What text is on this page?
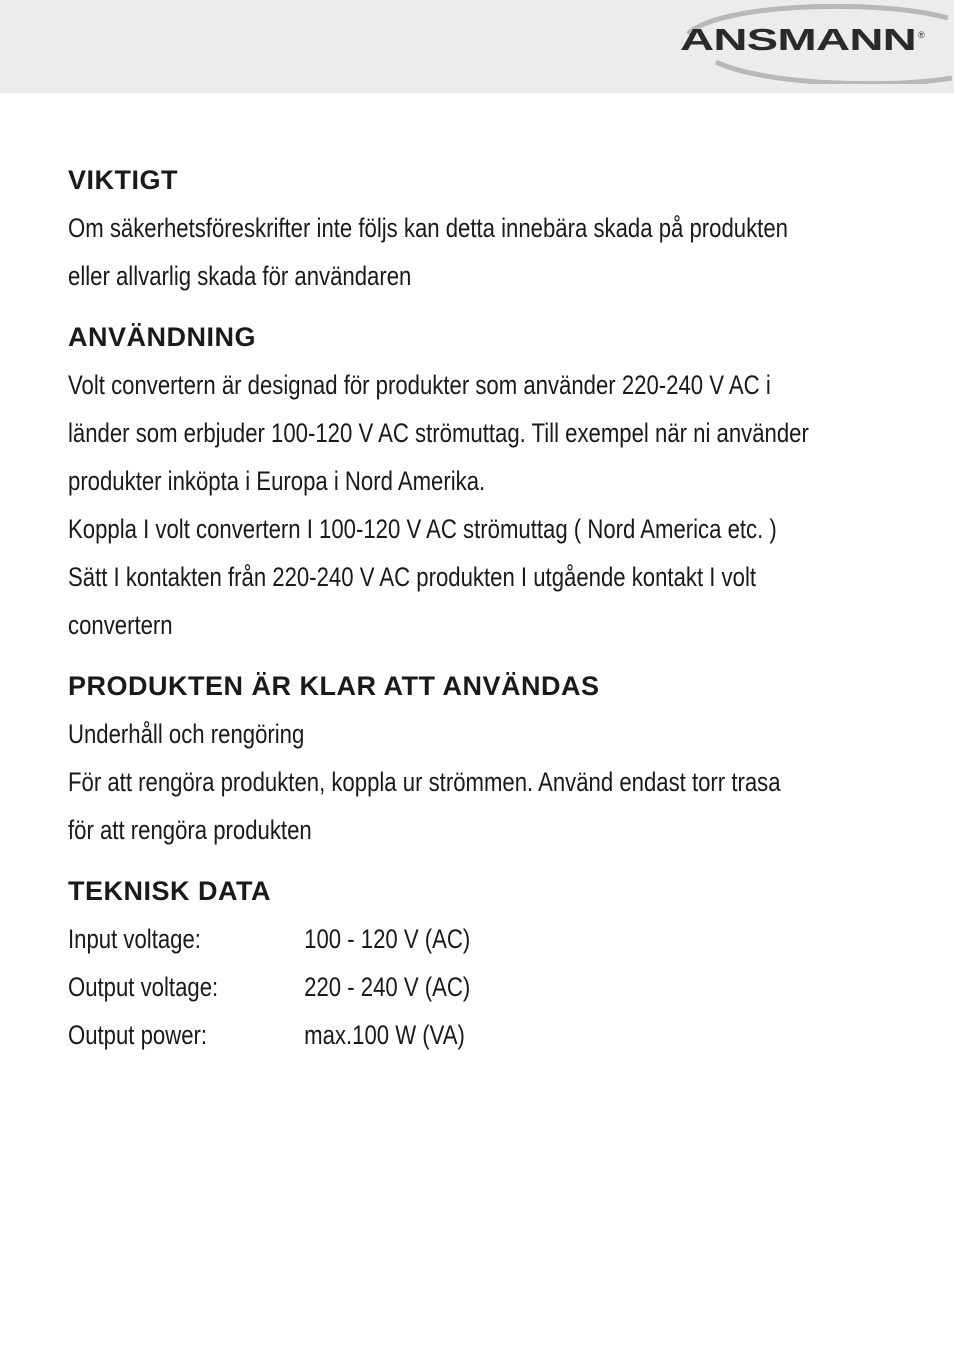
ANSMANN ®
VIKTIGT
Om säkerhetsföreskrifter inte följs kan detta innebära skada på produkten
eller allvarlig skada för användaren
ANVÄNDNING
Volt convertern är designad för produkter som använder 220-240 V AC i
länder som erbjuder 100-120 V AC strömuttag. Till exempel när ni använder
produkter inköpta i Europa i Nord Amerika.
Koppla I volt convertern I 100-120 V AC strömuttag ( Nord America etc. )
Sätt I kontakten från 220-240 V AC produkten I utgående kontakt I volt
convertern
PRODUKTEN ÄR KLAR ATT ANVÄNDAS
Underhåll och rengöring
För att rengöra produkten, koppla ur strömmen. Använd endast torr trasa
för att rengöra produkten
TEKNISK DATA
Input voltage:	100 - 120 V (AC)
Output voltage:	220 - 240 V (AC)
Output power:	max.100 W (VA)
